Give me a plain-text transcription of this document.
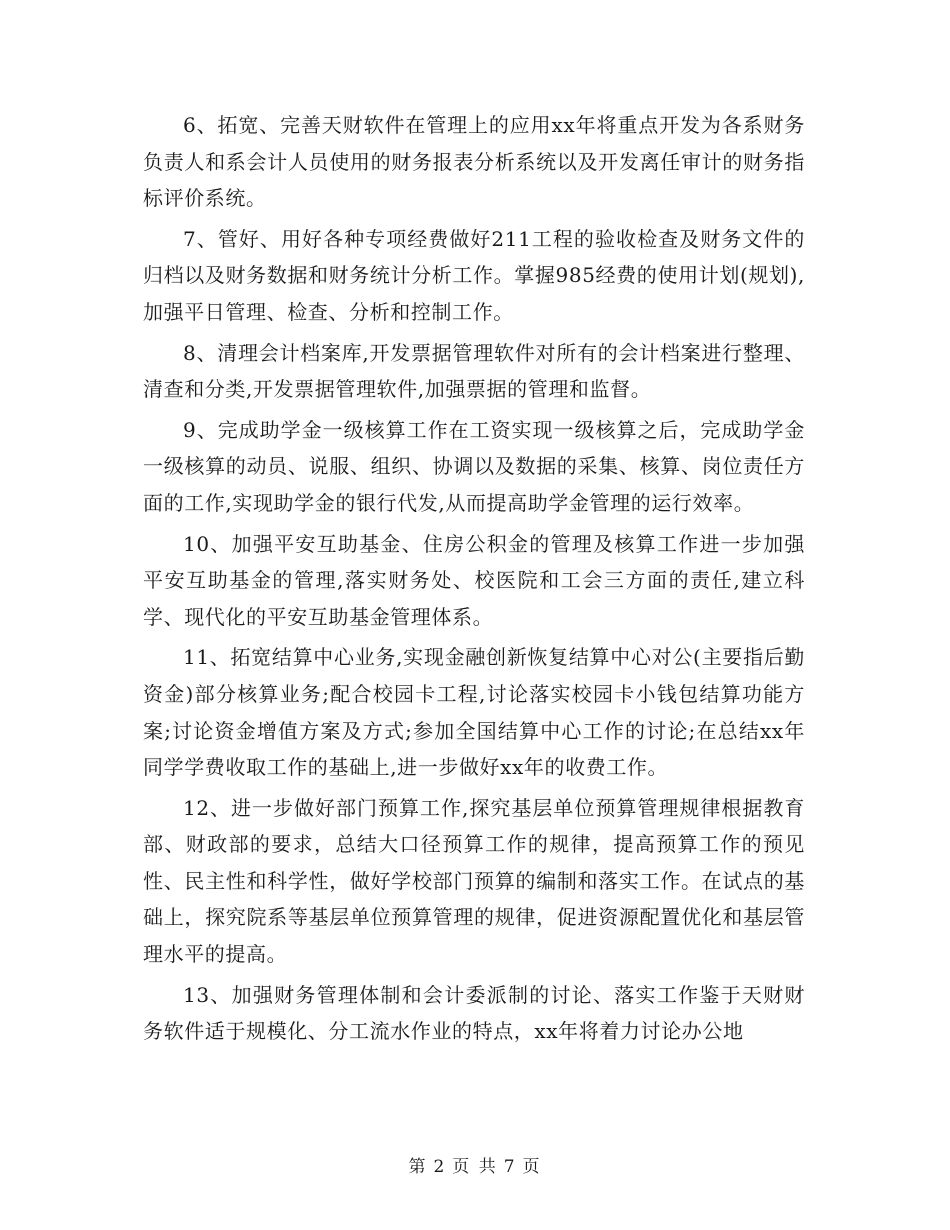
6、拓宽、完善天财软件在管理上的应用xx年将重点开发为各系财务负责人和系会计人员使用的财务报表分析系统以及开发离任审计的财务指标评价系统。

7、管好、用好各种专项经费做好211工程的验收检查及财务文件的归档以及财务数据和财务统计分析工作。掌握985经费的使用计划(规划),加强平日管理、检查、分析和控制工作。

8、清理会计档案库,开发票据管理软件对所有的会计档案进行整理、清查和分类,开发票据管理软件,加强票据的管理和监督。

9、完成助学金一级核算工作在工资实现一级核算之后，完成助学金一级核算的动员、说服、组织、协调以及数据的采集、核算、岗位责任方面的工作,实现助学金的银行代发,从而提高助学金管理的运行效率。

10、加强平安互助基金、住房公积金的管理及核算工作进一步加强平安互助基金的管理,落实财务处、校医院和工会三方面的责任,建立科学、现代化的平安互助基金管理体系。

11、拓宽结算中心业务,实现金融创新恢复结算中心对公(主要指后勤资金)部分核算业务;配合校园卡工程,讨论落实校园卡小钱包结算功能方案;讨论资金增值方案及方式;参加全国结算中心工作的讨论;在总结xx年同学学费收取工作的基础上,进一步做好xx年的收费工作。

12、进一步做好部门预算工作,探究基层单位预算管理规律根据教育部、财政部的要求，总结大口径预算工作的规律，提高预算工作的预见性、民主性和科学性，做好学校部门预算的编制和落实工作。在试点的基础上，探究院系等基层单位预算管理的规律，促进资源配置优化和基层管理水平的提高。

13、加强财务管理体制和会计委派制的讨论、落实工作鉴于天财财务软件适于规模化、分工流水作业的特点，xx年将着力讨论办公地

第 2 页 共 7 页
